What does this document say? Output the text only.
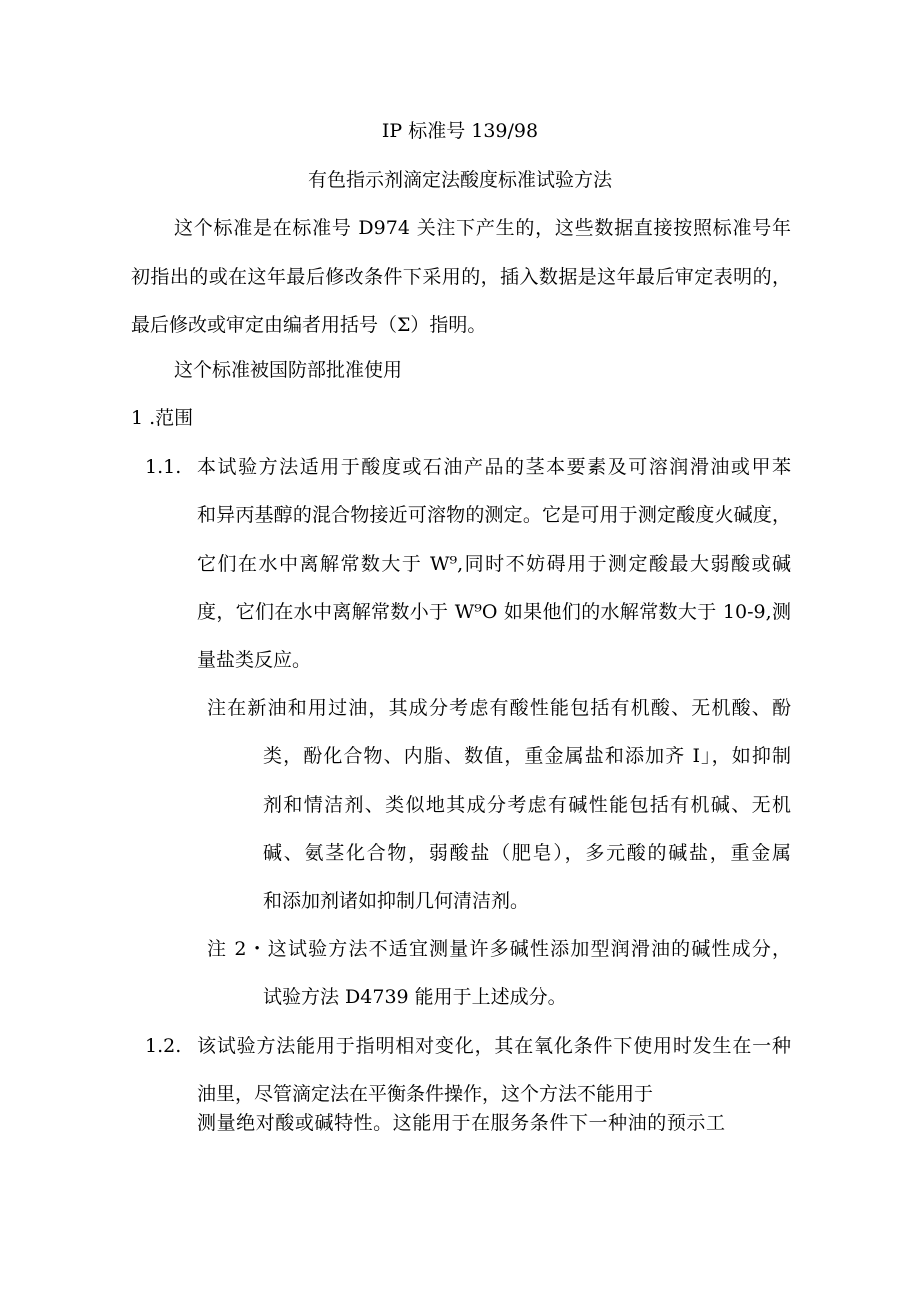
IP 标准号 139/98
有色指示剂滴定法酸度标准试验方法
这个标准是在标准号 D974 关注下产生的，这些数据直接按照标准号年
初指出的或在这年最后修改条件下采用的，插入数据是这年最后审定表明的，
最后修改或审定由编者用括号（Σ）指明。
这个标准被国防部批准使用
1 .范围
1.1. 本试验方法适用于酸度或石油产品的茎本要素及可溶润滑油或甲苯
和异丙基醇的混合物接近可溶物的测定。它是可用于测定酸度火碱度，
它们在水中离解常数大于 W⁹,同时不妨碍用于测定酸最大弱酸或碱
度，它们在水中离解常数小于 W⁹O 如果他们的水解常数大于 10-9,测
量盐类反应。
注在新油和用过油，其成分考虑有酸性能包括有机酸、无机酸、酚
类，酚化合物、内脂、数值，重金属盐和添加齐 I」，如抑制
剂和情洁剂、类似地其成分考虑有碱性能包括有机碱、无机
碱、氨茎化合物，弱酸盐（肥皂），多元酸的碱盐，重金属
和添加剂诸如抑制几何清洁剂。
注 2・这试验方法不适宜测量许多碱性添加型润滑油的碱性成分，
试验方法 D4739 能用于上述成分。
1.2. 该试验方法能用于指明相对变化，其在氧化条件下使用时发生在一种
油里，尽管滴定法在平衡条件操作，这个方法不能用于
测量绝对酸或碱特性。这能用于在服务条件下一种油的预示工
